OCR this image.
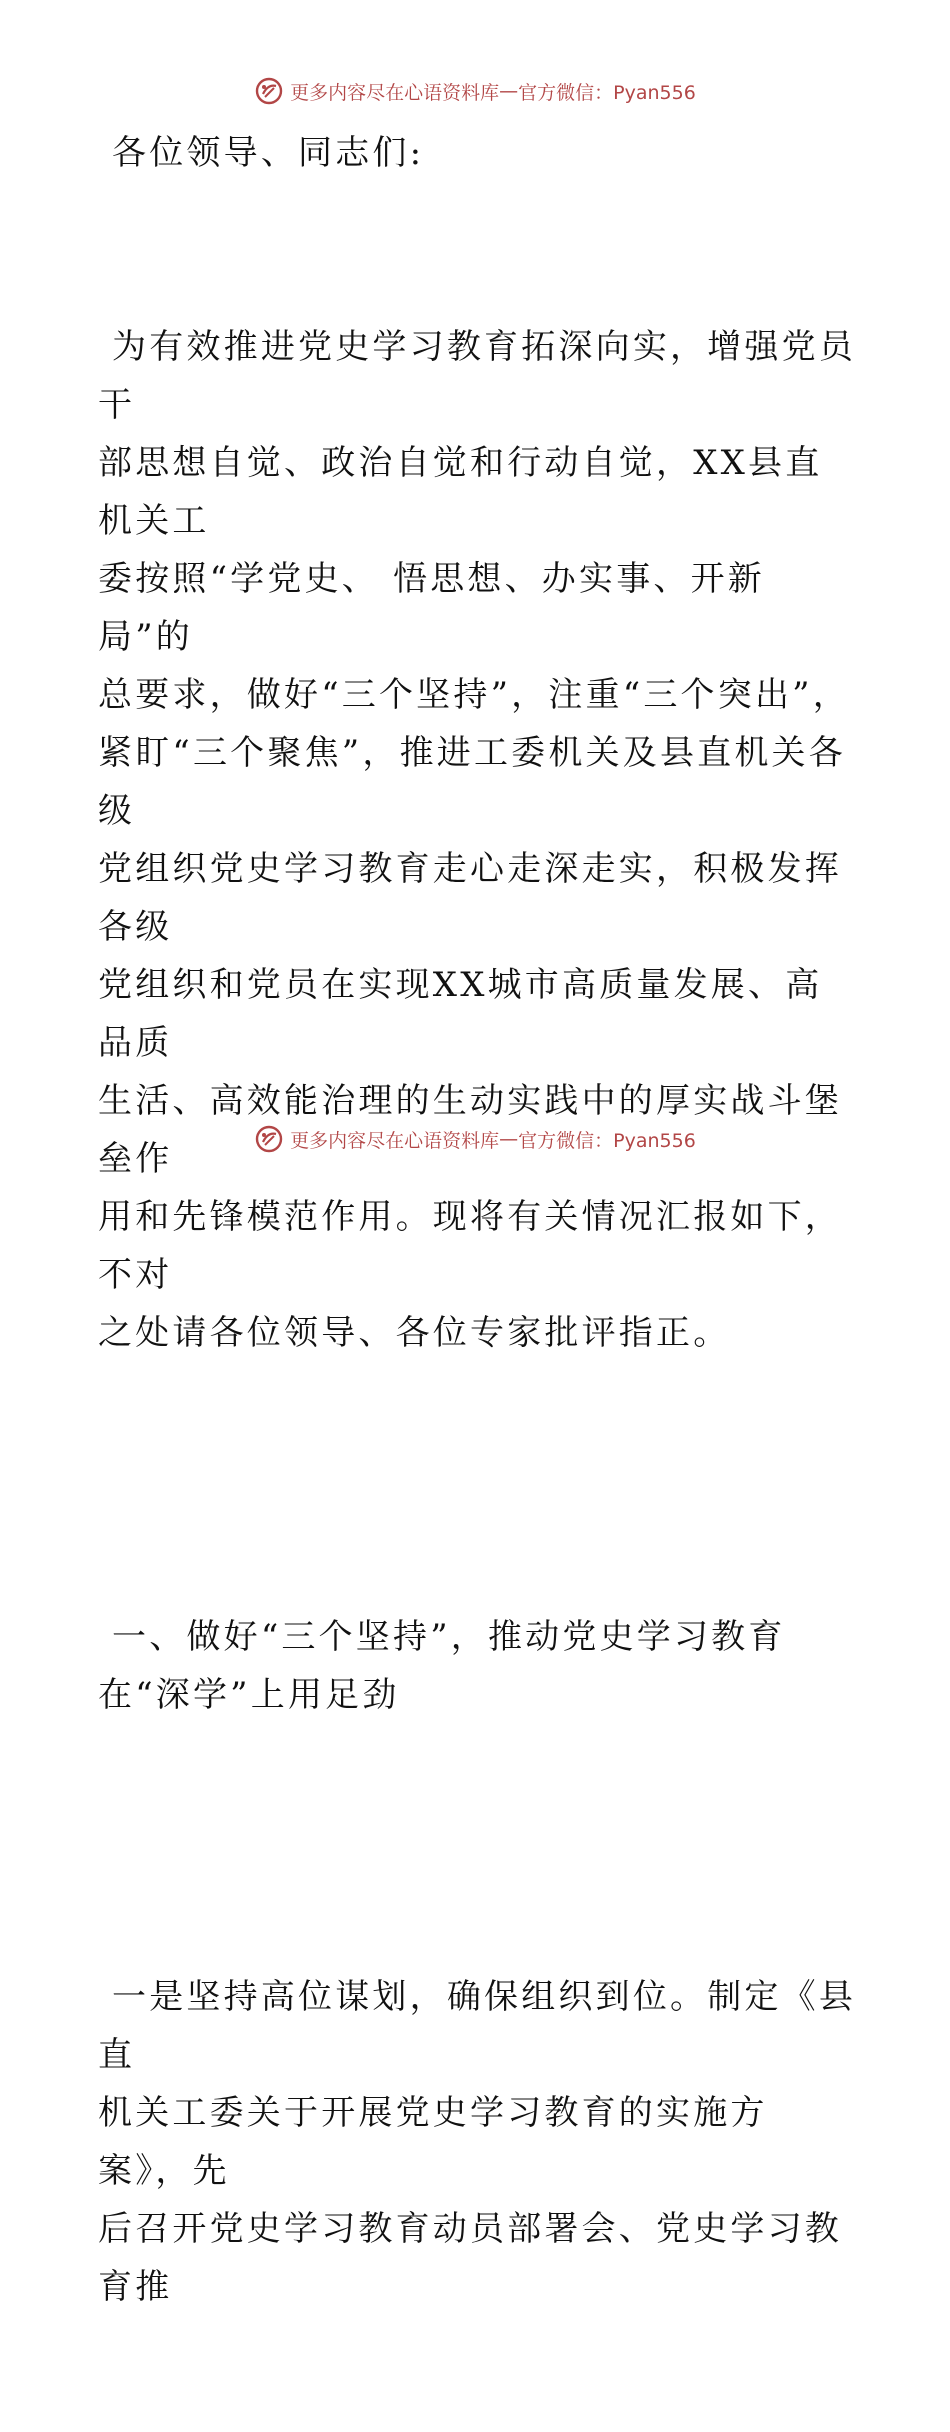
更多内容尽在心语资料库 — 官方微信：Pyan556

各位领导、同志们:

为有效推进党史学习教育拓深向实，增强党员干
部思想自觉、政治自觉和行动自觉，XX县直机关工
委按照“学党史、 悟思想、办实事、开新局”的
总要求，做好“三个坚持”，注重“三个突出”，
紧盯“三个聚焦”，推进工委机关及县直机关各级
党组织党史学习教育走心走深走实，积极发挥各级
党组织和党员在实现XX城市高质量发展、高品质
生活、高效能治理的生动实践中的厚实战斗堡垒作
用和先锋模范作用。现将有关情况汇报如下，不对
之处请各位领导、各位专家批评指正。

一、做好“三个坚持”，推动党史学习教育
在“深学”上用足劲

一是坚持高位谋划，确保组织到位。制定《县直
机关工委关于开展党史学习教育的实施方案》，先
后召开党史学习教育动员部署会、党史学习教育推

更多内容尽在心语资料库 — 官方微信：Pyan556
